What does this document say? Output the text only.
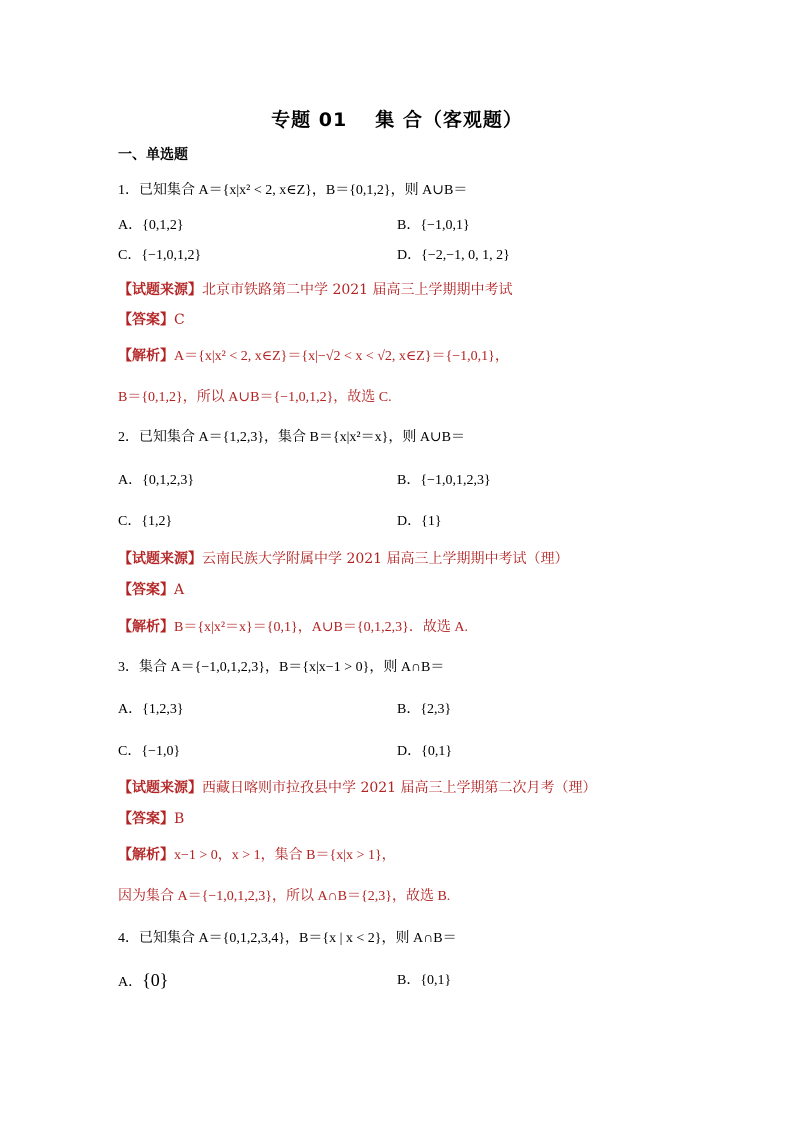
专题 01 集 合（客观题）
一、单选题
1．已知集合 A＝{x|x² < 2, x∈Z}，B＝{0,1,2}，则 A∪B＝
A．{0,1,2}	B．{−1,0,1}
C．{−1,0,1,2}	D．{−2,−1, 0, 1, 2}
【试题来源】北京市铁路第二中学 2021 届高三上学期期中考试
【答案】C
【解析】A＝{x|x² < 2, x∈Z}＝{x|−√2 < x < √2, x∈Z}＝{−1,0,1}，
B＝{0,1,2}，所以 A∪B＝{−1,0,1,2}，故选 C.
2．已知集合 A＝{1,2,3}，集合 B＝{x|x²＝x}，则 A∪B＝
A．{0,1,2,3}	B．{−1,0,1,2,3}
C．{1,2}	D．{1}
【试题来源】云南民族大学附属中学 2021 届高三上学期期中考试（理）
【答案】A
【解析】B＝{x|x²＝x}＝{0,1}，A∪B＝{0,1,2,3}．故选 A.
3．集合 A＝{−1,0,1,2,3}，B＝{x|x−1 > 0}，则 A∩B＝
A．{1,2,3}	B．{2,3}
C．{−1,0}	D．{0,1}
【试题来源】西藏日喀则市拉孜县中学 2021 届高三上学期第二次月考（理）
【答案】B
【解析】x−1 > 0，x > 1，集合 B＝{x|x > 1}，
因为集合 A＝{−1,0,1,2,3}，所以 A∩B＝{2,3}，故选 B.
4．已知集合 A＝{0,1,2,3,4}，B＝{x | x < 2}，则 A∩B＝
A．{0}	B．{0,1}
